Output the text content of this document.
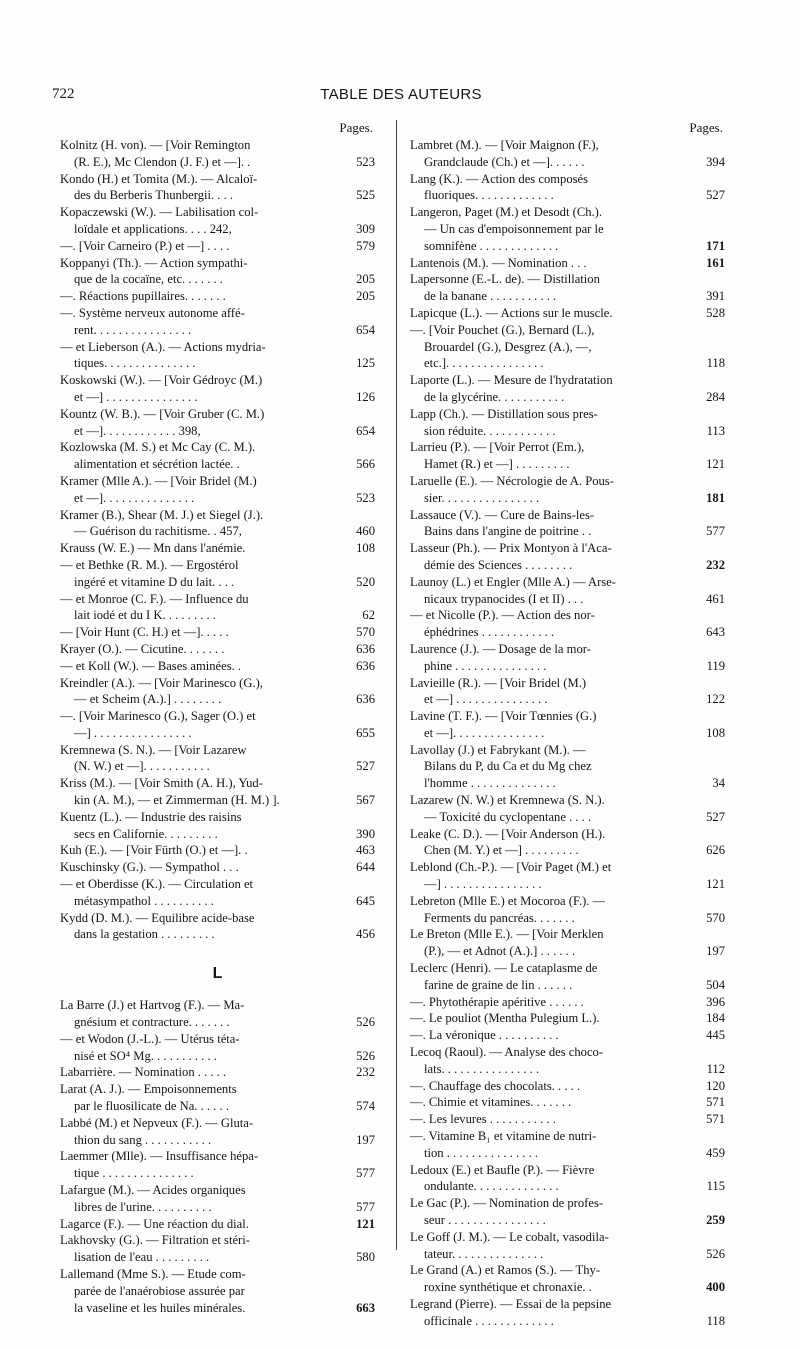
722	TABLE DES AUTEURS
Pages.
Kolnitz (H. von). — [Voir Remington
(R. E.), Mc Clendon (J. F.) et —]. .	523
Kondo (H.) et Tomita (M.). — Alcaloï-
des du Berberis Thunbergii. . . .	525
Kopaczewski (W.). — Labilisation col-
loïdale et applications. . . . 242,	309
—. [Voir Carneiro (P.) et —] . . . .	579
Koppanyi (Th.). — Action sympathi-
que de la cocaïne, etc. . . . . . .	205
—. Réactions pupillaires. . . . . . .	205
—. Système nerveux autonome affé-
rent. . . . . . . . . . . . . . . .	654
— et Lieberson (A.). — Actions mydria-
tiques. . . . . . . . . . . . . . .	125
Koskowski (W.). — [Voir Gédroyc (M.)
et —] . . . . . . . . . . . . . . .	126
Kountz (W. B.). — [Voir Gruber (C. M.)
et —]. . . . . . . . . . . . 398,	654
Kozlowska (M. S.) et Mc Cay (C. M.).
alimentation et sécrétion lactée. .	566
Kramer (Mlle A.). — [Voir Bridel (M.)
et —]. . . . . . . . . . . . . . .	523
Kramer (B.), Shear (M. J.) et Siegel (J.).
— Guérison du rachitisme. . 457,	460
Krauss (W. E.) — Mn dans l'anémie.	108
— et Bethke (R. M.). — Ergostérol
ingéré et vitamine D du lait. . . .	520
— et Monroe (C. F.). — Influence du
lait iodé et du I K. . . . . . . . .	62
— [Voir Hunt (C. H.) et —]. . . . .	570
Krayer (O.). — Cicutine. . . . . . .	636
— et Koll (W.). — Bases aminées. .	636
Kreindler (A.). — [Voir Marinesco (G.),
— et Scheim (A.).] . . . . . . . .	636
—. [Voir Marinesco (G.), Sager (O.) et
—] . . . . . . . . . . . . . . . .	655
Kremnewa (S. N.). — [Voir Lazarew
(N. W.) et —]. . . . . . . . . . .	527
Kriss (M.). — [Voir Smith (A. H.), Yud-
kin (A. M.), — et Zimmerman (H. M.) ].	567
Kuentz (L.). — Industrie des raisins
secs en Californie. . . . . . . . .	390
Kuh (E.). — [Voir Fürth (O.) et —]. .	463
Kuschinsky (G.). — Sympathol . . .	644
— et Oberdisse (K.). — Circulation et
métasympathol . . . . . . . . . .	645
Kydd (D. M.). — Equilibre acide-base
dans la gestation . . . . . . . . .	456
L
La Barre (J.) et Hartvog (F.). — Ma-
gnésium et contracture. . . . . . .	526
— et Wodon (J.-L.). — Utérus téta-
nisé et SO⁴ Mg. . . . . . . . . . .	526
Labarrière. — Nomination . . . . .	232
Larat (A. J.). — Empoisonnements
par le fluosilicate de Na. . . . . .	574
Labbé (M.) et Nepveux (F.). — Gluta-
thion du sang . . . . . . . . . . .	197
Laemmer (Mlle). — Insuffisance hépa-
tique . . . . . . . . . . . . . . .	577
Lafargue (M.). — Acides organiques
libres de l'urine. . . . . . . . . .	577
Lagarce (F.). — Une réaction du dial.	121
Lakhovsky (G.). — Filtration et stéri-
lisation de l'eau . . . . . . . . .	580
Lallemand (Mme S.). — Etude com-
parée de l'anaérobiose assurée par
la vaseline et les huiles minérales.	663
Pages.
Lambret (M.). — [Voir Maignon (F.),
Grandclaude (Ch.) et —]. . . . . .	394
Lang (K.). — Action des composés
fluoriques. . . . . . . . . . . . .	527
Langeron, Paget (M.) et Desodt (Ch.).
— Un cas d'empoisonnement par le
somnifène . . . . . . . . . . . . .	171
Lantenois (M.). — Nomination . . .	161
Lapersonne (E.-L. de). — Distillation
de la banane . . . . . . . . . . .	391
Lapicque (L.). — Actions sur le muscle.	528
—. [Voir Pouchet (G.), Bernard (L.),
Brouardel (G.), Desgrez (A.), —,
etc.]. . . . . . . . . . . . . . . .	118
Laporte (L.). — Mesure de l'hydratation
de la glycérine. . . . . . . . . . .	284
Lapp (Ch.). — Distillation sous pres-
sion réduite. . . . . . . . . . . .	113
Larrieu (P.). — [Voir Perrot (Em.),
Hamet (R.) et —] . . . . . . . . .	121
Laruelle (E.). — Nécrologie de A. Pous-
sier. . . . . . . . . . . . . . . .	181
Lassauce (V.). — Cure de Bains-les-
Bains dans l'angine de poitrine . .	577
Lasseur (Ph.). — Prix Montyon à l'Aca-
démie des Sciences . . . . . . . .	232
Launoy (L.) et Engler (Mlle A.) — Arse-
nicaux trypanocides (I et II) . . .	461
— et Nicolle (P.). — Action des nor-
éphédrines . . . . . . . . . . . .	643
Laurence (J.). — Dosage de la mor-
phine . . . . . . . . . . . . . . .	119
Lavieille (R.). — [Voir Bridel (M.)
et —] . . . . . . . . . . . . . . .	122
Lavine (T. F.). — [Voir Tœnnies (G.)
et —]. . . . . . . . . . . . . . .	108
Lavollay (J.) et Fabrykant (M.). —
Bilans du P, du Ca et du Mg chez
l'homme . . . . . . . . . . . . . .	34
Lazarew (N. W.) et Kremnewa (S. N.).
— Toxicité du cyclopentane . . . .	527
Leake (C. D.). — [Voir Anderson (H.).
Chen (M. Y.) et —] . . . . . . . . .	626
Leblond (Ch.-P.). — [Voir Paget (M.) et
—] . . . . . . . . . . . . . . . .	121
Lebreton (Mlle E.) et Mocoroa (F.). —
Ferments du pancréas. . . . . . .	570
Le Breton (Mlle E.). — [Voir Merklen
(P.), — et Adnot (A.).] . . . . . .	197
Leclerc (Henri). — Le cataplasme de
farine de graine de lin . . . . . .	504
—. Phytothérapie apéritive . . . . . .	396
—. Le pouliot (Mentha Pulegium L.).	184
—. La véronique . . . . . . . . . .	445
Lecoq (Raoul). — Analyse des choco-
lats. . . . . . . . . . . . . . . .	112
—. Chauffage des chocolats. . . . .	120
—. Chimie et vitamines. . . . . . .	571
—. Les levures . . . . . . . . . . .	571
—. Vitamine B₁ et vitamine de nutri-
tion . . . . . . . . . . . . . . .	459
Ledoux (E.) et Baufle (P.). — Fièvre
ondulante. . . . . . . . . . . . . .	115
Le Gac (P.). — Nomination de profes-
seur . . . . . . . . . . . . . . . .	259
Le Goff (J. M.). — Le cobalt, vasodila-
tateur. . . . . . . . . . . . . . .	526
Le Grand (A.) et Ramos (S.). — Thy-
roxine synthétique et chronaxie. .	400
Legrand (Pierre). — Essai de la pepsine
officinale . . . . . . . . . . . . .	118
